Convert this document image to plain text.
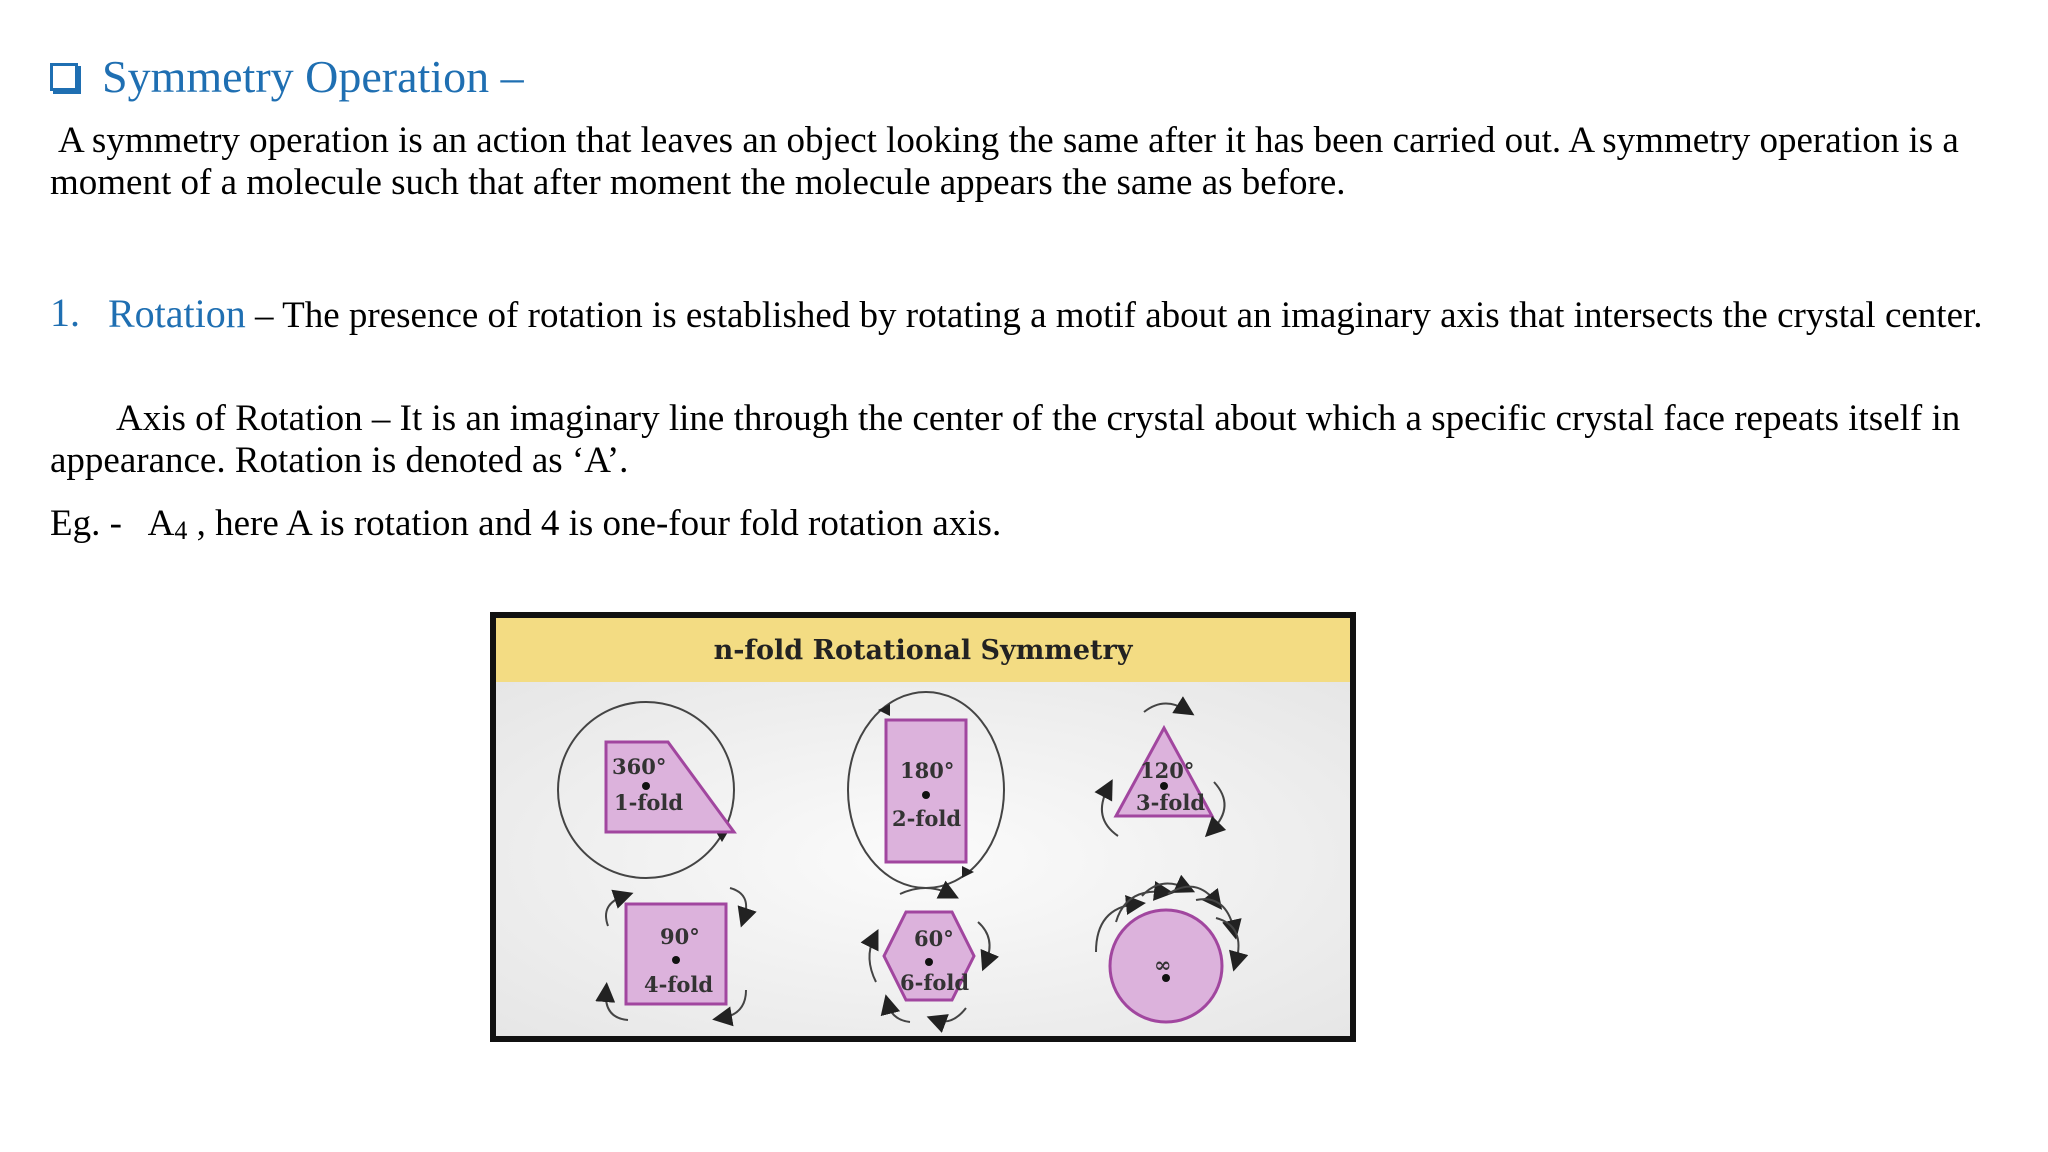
Symmetry Operation –
A symmetry operation is an action that leaves an object looking the same after it has been carried out. A symmetry operation is a moment of a molecule such that after moment the molecule appears the same as before.
1. Rotation – The presence of rotation is established by rotating a motif about an imaginary axis that intersects the crystal center.
Axis of Rotation – It is an imaginary line through the center of the crystal about which a specific crystal face repeats itself in appearance. Rotation is denoted as ‘A’.
Eg. -   $A_4$ , here A is rotation and 4 is one-four fold rotation axis.
n-fold Rotational Symmetry
360°
1-fold
180°
2-fold
120°
3-fold
90°
4-fold
60°
6-fold
∞
